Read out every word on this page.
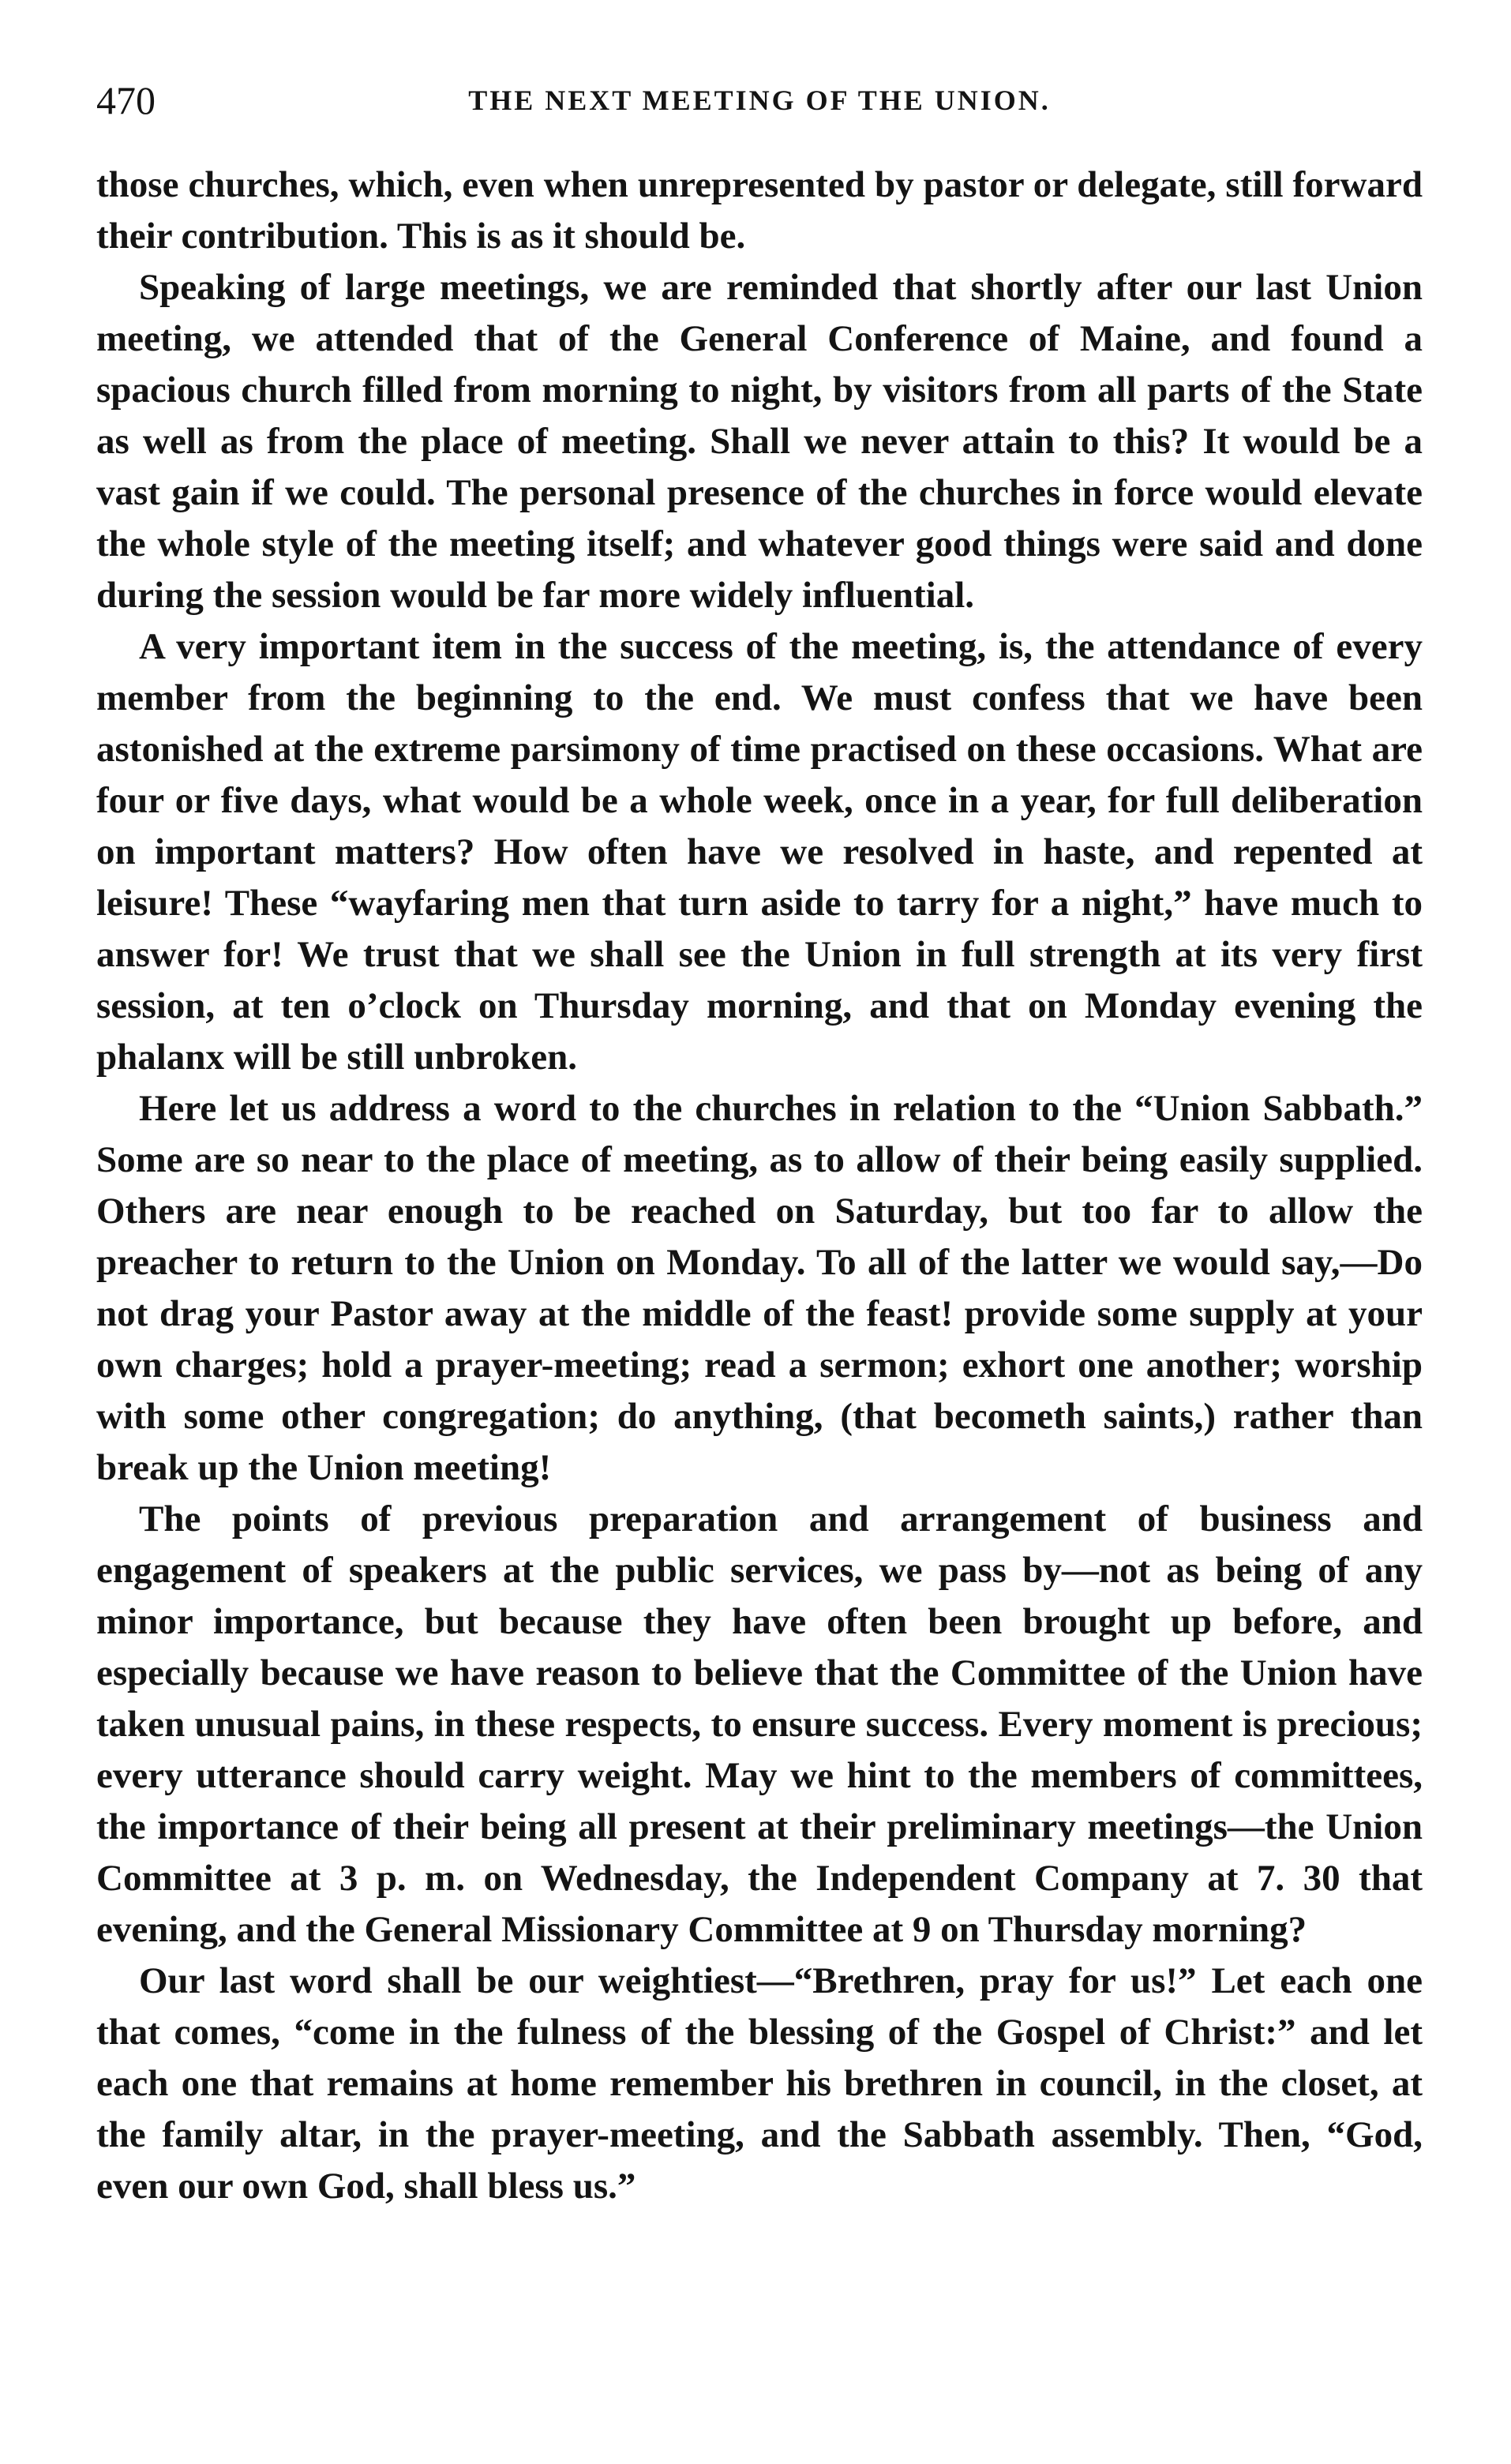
470	THE NEXT MEETING OF THE UNION.

those churches, which, even when unrepresented by pastor or delegate, still forward their contribution. This is as it should be.

Speaking of large meetings, we are reminded that shortly after our last Union meeting, we attended that of the General Conference of Maine, and found a spacious church filled from morning to night, by visitors from all parts of the State as well as from the place of meeting. Shall we never attain to this? It would be a vast gain if we could. The personal presence of the churches in force would elevate the whole style of the meeting itself; and whatever good things were said and done during the session would be far more widely influential.

A very important item in the success of the meeting, is, the attendance of every member from the beginning to the end. We must confess that we have been astonished at the extreme parsimony of time practised on these occasions. What are four or five days, what would be a whole week, once in a year, for full deliberation on important matters? How often have we resolved in haste, and repented at leisure! These “wayfaring men that turn aside to tarry for a night,” have much to answer for! We trust that we shall see the Union in full strength at its very first session, at ten o’clock on Thursday morning, and that on Monday evening the phalanx will be still unbroken.

Here let us address a word to the churches in relation to the “Union Sabbath.” Some are so near to the place of meeting, as to allow of their being easily supplied. Others are near enough to be reached on Saturday, but too far to allow the preacher to return to the Union on Monday. To all of the latter we would say,—Do not drag your Pastor away at the middle of the feast! provide some supply at your own charges; hold a prayer-meeting; read a sermon; exhort one another; worship with some other congregation; do anything, (that becometh saints,) rather than break up the Union meeting!

The points of previous preparation and arrangement of business and engagement of speakers at the public services, we pass by—not as being of any minor importance, but because they have often been brought up before, and especially because we have reason to believe that the Committee of the Union have taken unusual pains, in these respects, to ensure success. Every moment is precious; every utterance should carry weight. May we hint to the members of committees, the importance of their being all present at their preliminary meetings—the Union Committee at 3 p. m. on Wednesday, the Independent Company at 7. 30 that evening, and the General Missionary Committee at 9 on Thursday morning?

Our last word shall be our weightiest—“Brethren, pray for us!” Let each one that comes, “come in the fulness of the blessing of the Gospel of Christ:” and let each one that remains at home remember his brethren in council, in the closet, at the family altar, in the prayer-meeting, and the Sabbath assembly. Then, “God, even our own God, shall bless us.”
